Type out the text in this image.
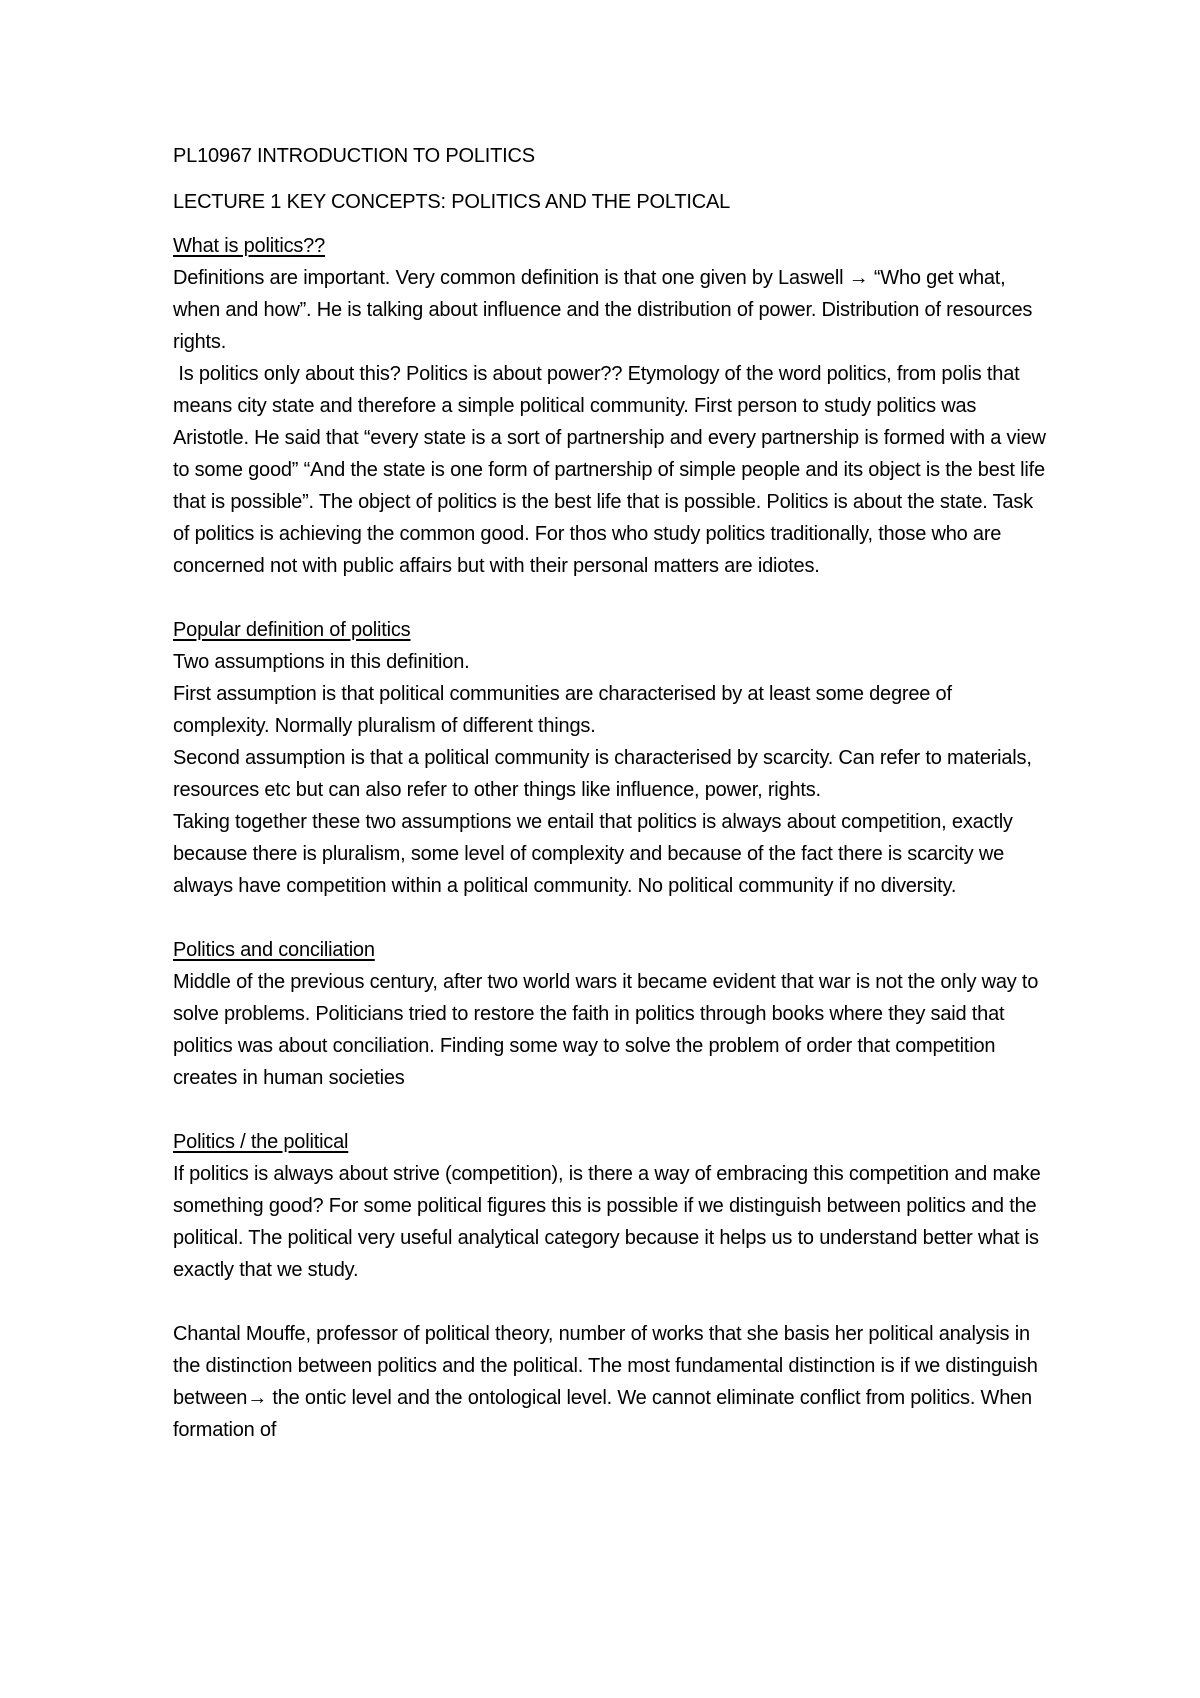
PL10967 INTRODUCTION TO POLITICS

LECTURE 1 KEY CONCEPTS: POLITICS AND THE POLTICAL

What is politics??

Definitions are important. Very common definition is that one given by Laswell → “Who get what, when and how”. He is talking about influence and the distribution of power. Distribution of resources rights.

Is politics only about this? Politics is about power?? Etymology of the word politics, from polis that means city state and therefore a simple political community. First person to study politics was Aristotle. He said that “every state is a sort of partnership and every partnership is formed with a view to some good” “And the state is one form of partnership of simple people and its object is the best life that is possible”. The object of politics is the best life that is possible. Politics is about the state. Task of politics is achieving the common good. For thos who study politics traditionally, those who are concerned not with public affairs but with their personal matters are idiotes.

Popular definition of politics

Two assumptions in this definition.

First assumption is that political communities are characterised by at least some degree of complexity. Normally pluralism of different things.

Second assumption is that a political community is characterised by scarcity. Can refer to materials, resources etc but can also refer to other things like influence, power, rights.

Taking together these two assumptions we entail that politics is always about competition, exactly because there is pluralism, some level of complexity and because of the fact there is scarcity we always have competition within a political community. No political community if no diversity.

Politics and conciliation

Middle of the previous century, after two world wars it became evident that war is not the only way to solve problems. Politicians tried to restore the faith in politics through books where they said that politics was about conciliation. Finding some way to solve the problem of order that competition creates in human societies

Politics / the political

If politics is always about strive (competition), is there a way of embracing this competition and make something good? For some political figures this is possible if we distinguish between politics and the political. The political very useful analytical category because it helps us to understand better what is exactly that we study.

Chantal Mouffe, professor of political theory, number of works that she basis her political analysis in the distinction between politics and the political. The most fundamental distinction is if we distinguish between→ the ontic level and the ontological level. We cannot eliminate conflict from politics. When formation of
